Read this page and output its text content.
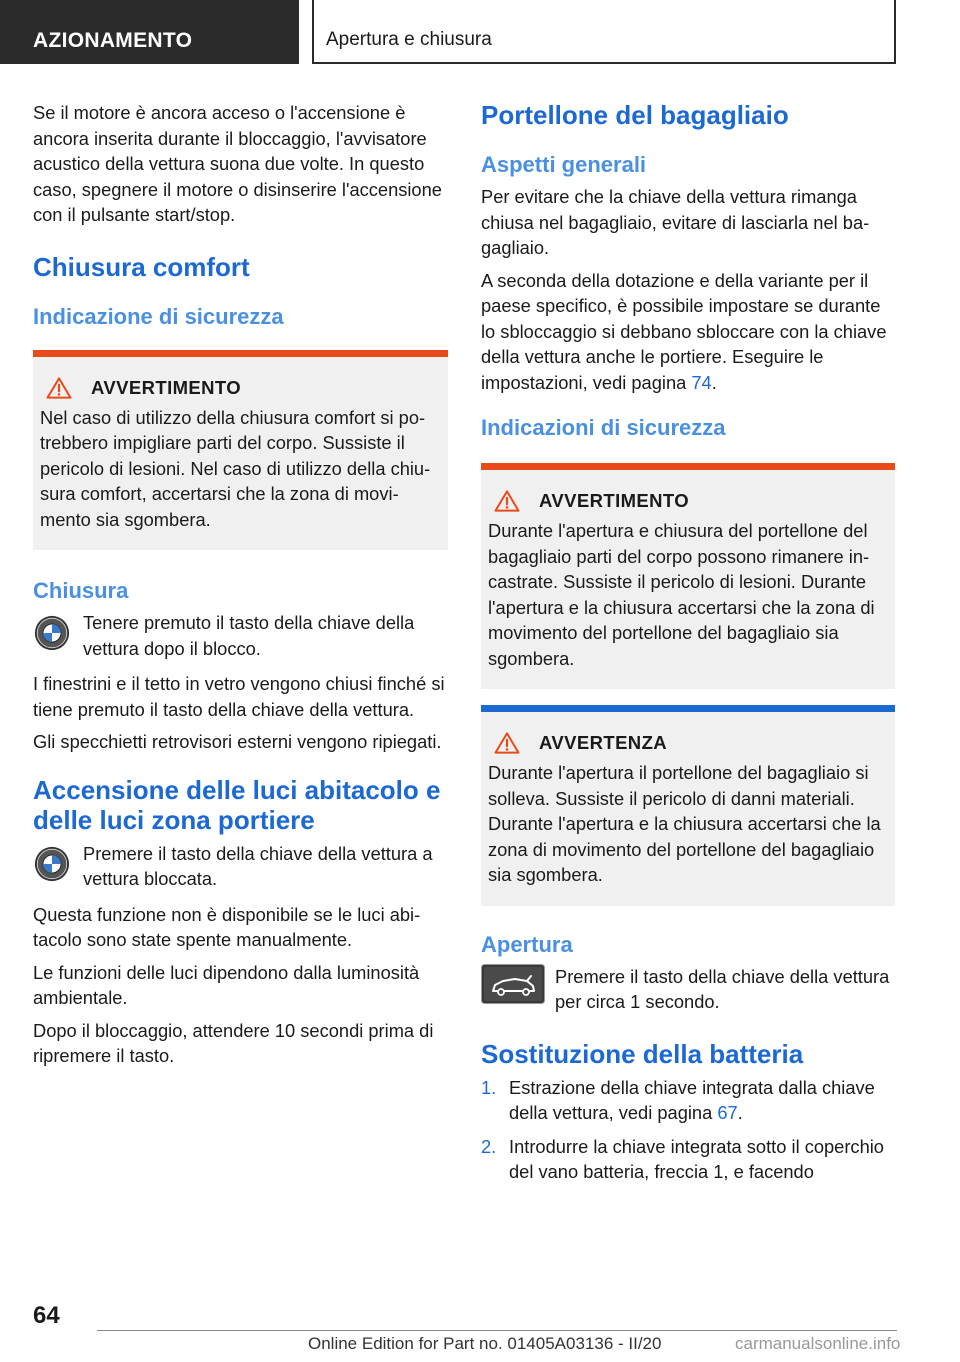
AZIONAMENTO	Apertura e chiusura

Se il motore è ancora acceso o l'accensione è ancora inserita durante il bloccaggio, l'avvisatore acustico della vettura suona due volte. In questo caso, spegnere il motore o disinserire l'accensione con il pulsante start/stop.

Chiusura comfort
Indicazione di sicurezza
AVVERTIMENTO

Nel caso di utilizzo della chiusura comfort si potrebbero impigliare parti del corpo. Sussiste il pericolo di lesioni. Nel caso di utilizzo della chiusura comfort, accertarsi che la zona di movimento sia sgombera.

Chiusura

Tenere premuto il tasto della chiave della vettura dopo il blocco.

I finestrini e il tetto in vetro vengono chiusi finché si tiene premuto il tasto della chiave della vettura.

Gli specchietti retrovisori esterni vengono ripiegati.

Accensione delle luci abitacolo e delle luci zona portiere

Premere il tasto della chiave della vettura a vettura bloccata.

Questa funzione non è disponibile se le luci abitacolo sono state spente manualmente.

Le funzioni delle luci dipendono dalla luminosità ambientale.

Dopo il bloccaggio, attendere 10 secondi prima di ripremere il tasto.

Portellone del bagagliaio
Aspetti generali

Per evitare che la chiave della vettura rimanga chiusa nel bagagliaio, evitare di lasciarla nel bagagliaio.

A seconda della dotazione e della variante per il paese specifico, è possibile impostare se durante lo sbloccaggio si debbano sbloccare con la chiave della vettura anche le portiere. Eseguire le impostazioni, vedi pagina 74.

Indicazioni di sicurezza
AVVERTIMENTO

Durante l'apertura e chiusura del portellone del bagagliaio parti del corpo possono rimanere incastrate. Sussiste il pericolo di lesioni. Durante l'apertura e la chiusura accertarsi che la zona di movimento del portellone del bagagliaio sia sgombera.

AVVERTENZA

Durante l'apertura il portellone del bagagliaio si solleva. Sussiste il pericolo di danni materiali. Durante l'apertura e la chiusura accertarsi che la zona di movimento del portellone del bagagliaio sia sgombera.

Apertura

Premere il tasto della chiave della vettura per circa 1 secondo.

Sostituzione della batteria
1. Estrazione della chiave integrata dalla chiave della vettura, vedi pagina 67.
2. Introdurre la chiave integrata sotto il coperchio del vano batteria, freccia 1, e facendo
64
Online Edition for Part no. 01405A03136 - II/20	carmanualsonline.info
